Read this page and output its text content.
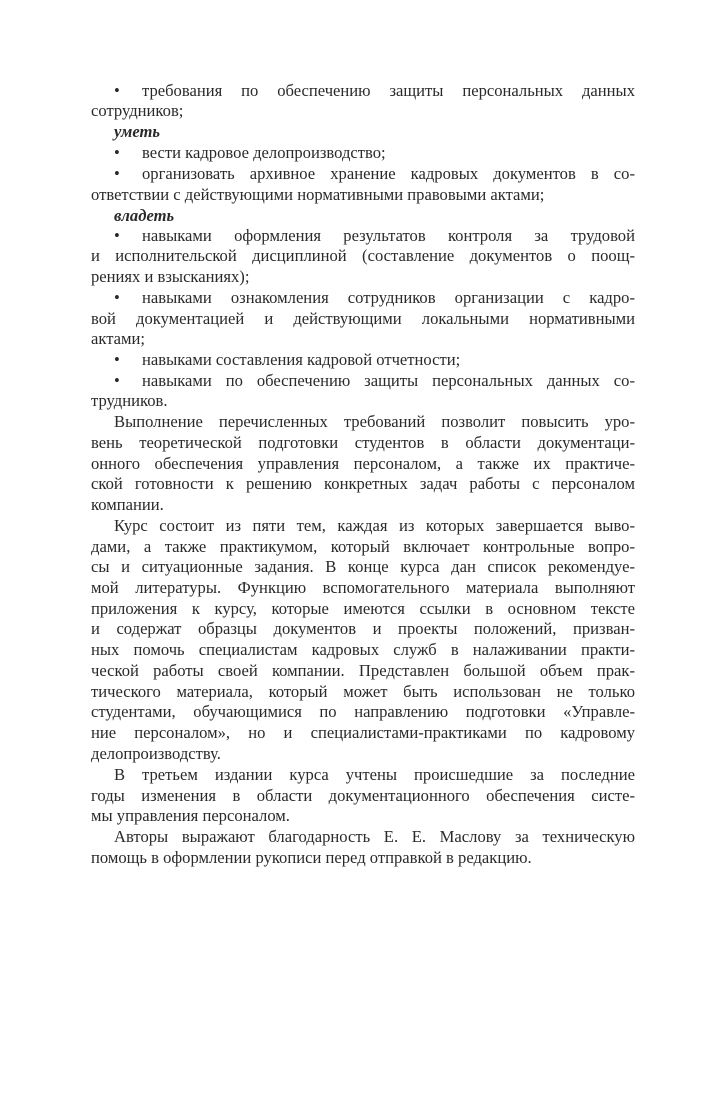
• требования по обеспечению защиты персональных данных
сотрудников;
уметь
• вести кадровое делопроизводство;
• организовать архивное хранение кадровых документов в со-
ответствии с действующими нормативными правовыми актами;
владеть
• навыками оформления результатов контроля за трудовой
и исполнительской дисциплиной (составление документов о поощ-
рениях и взысканиях);
• навыками ознакомления сотрудников организации с кадро-
вой документацией и действующими локальными нормативными
актами;
• навыками составления кадровой отчетности;
• навыками по обеспечению защиты персональных данных со-
трудников.
Выполнение перечисленных требований позволит повысить уро-
вень теоретической подготовки студентов в области документаци-
онного обеспечения управления персоналом, а также их практиче-
ской готовности к решению конкретных задач работы с персоналом
компании.
Курс состоит из пяти тем, каждая из которых завершается выво-
дами, а также практикумом, который включает контрольные вопро-
сы и ситуационные задания. В конце курса дан список рекомендуе-
мой литературы. Функцию вспомогательного материала выполняют
приложения к курсу, которые имеются ссылки в основном тексте
и содержат образцы документов и проекты положений, призван-
ных помочь специалистам кадровых служб в налаживании практи-
ческой работы своей компании. Представлен большой объем прак-
тического материала, который может быть использован не только
студентами, обучающимися по направлению подготовки «Управле-
ние персоналом», но и специалистами-практиками по кадровому
делопроизводству.
В третьем издании курса учтены происшедшие за последние
годы изменения в области документационного обеспечения систе-
мы управления персоналом.
Авторы выражают благодарность Е. Е. Маслову за техническую
помощь в оформлении рукописи перед отправкой в редакцию.
